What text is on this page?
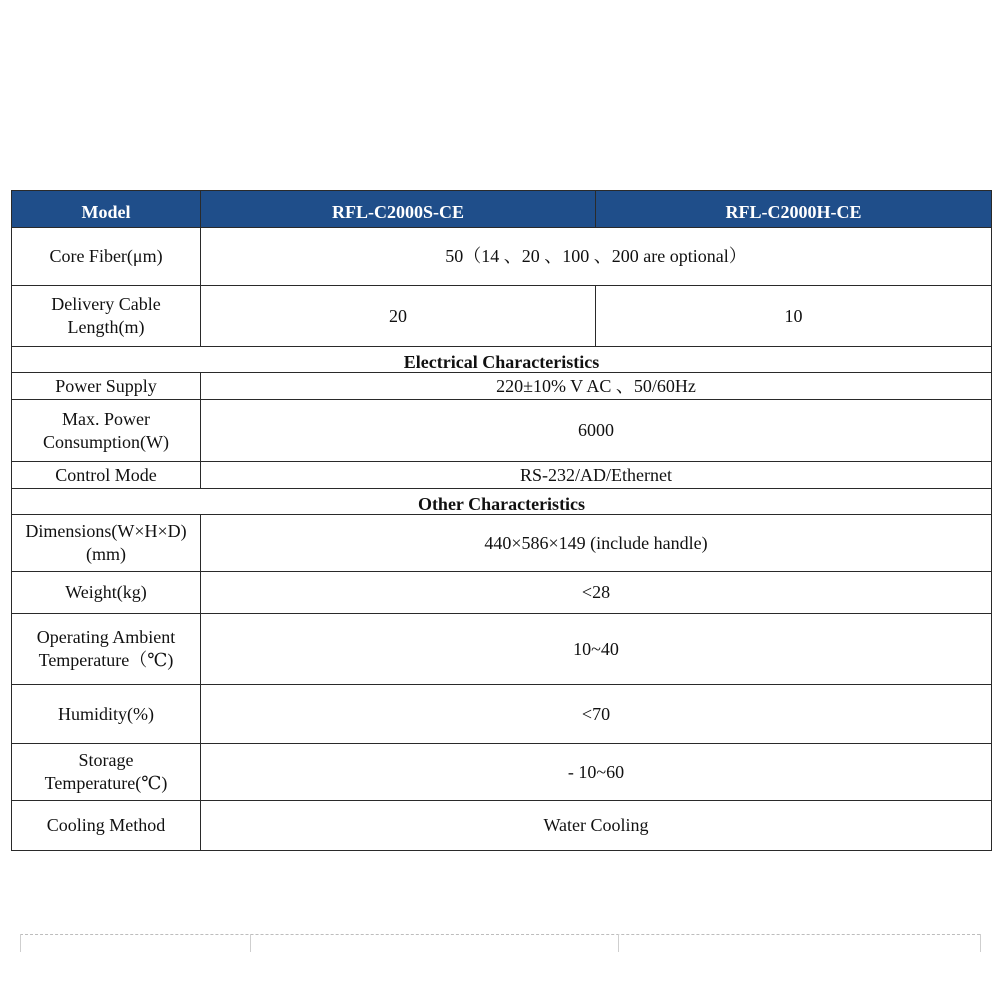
Model	RFL-C2000S-CE	RFL-C2000H-CE
Core Fiber(μm)	50（14 、20 、100 、200 are optional）	

Delivery Cable
Length(m)	20	10
Electrical Characteristics		
Power Supply	220±10% V AC 、50/60Hz	

Max. Power
Consumption(W)	6000	
Control Mode	RS-232/AD/Ethernet	
Other Characteristics		

Dimensions(W×H×D)
(mm)	440×586×149 (include handle)	
Weight(kg)	<28	

Operating Ambient
Temperature（℃)	10~40	
Humidity(%)	<70	

Storage
Temperature(℃)	- 10~60	
Cooling Method	Water Cooling	
